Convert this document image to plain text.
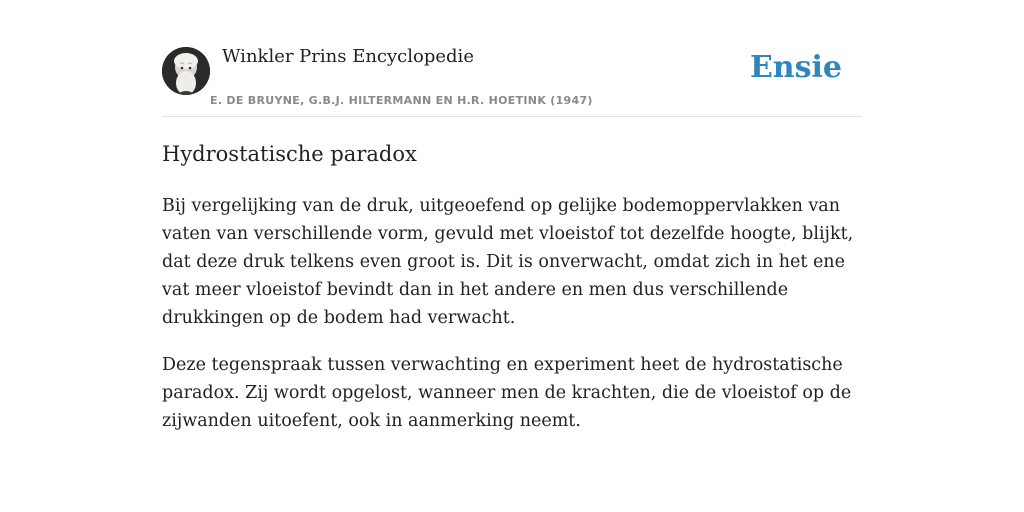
Winkler Prins Encyclopedie
E. DE BRUYNE, G.B.J. HILTERMANN EN H.R. HOETINK (1947)
Ensie
Hydrostatische paradox

Bij vergelijking van de druk, uitgeoefend op gelijke bodemoppervlakken van vaten van verschillende vorm, gevuld met vloeistof tot dezelfde hoogte, blijkt, dat deze druk telkens even groot is. Dit is onverwacht, omdat zich in het ene vat meer vloeistof bevindt dan in het andere en men dus verschillende drukkingen op de bodem had verwacht.

Deze tegenspraak tussen verwachting en experiment heet de hydrostatische paradox. Zij wordt opgelost, wanneer men de krachten, die de vloeistof op de zijwanden uitoefent, ook in aanmerking neemt.
